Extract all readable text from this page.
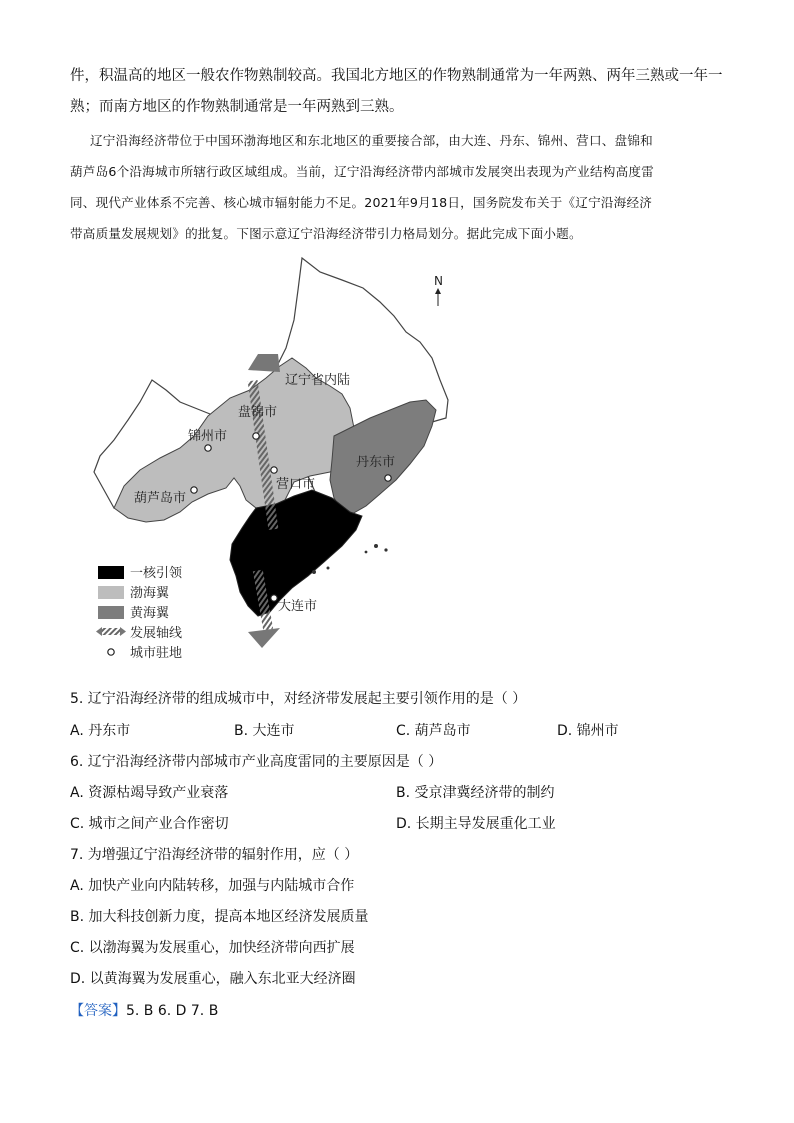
件，积温高的地区一般农作物熟制较高。我国北方地区的作物熟制通常为一年两熟、两年三熟或一年一
熟；而南方地区的作物熟制通常是一年两熟到三熟。
辽宁沿海经济带位于中国环渤海地区和东北地区的重要接合部，由大连、丹东、锦州、营口、盘锦和
葫芦岛6个沿海城市所辖行政区域组成。当前，辽宁沿海经济带内部城市发展突出表现为产业结构高度雷
同、现代产业体系不完善、核心城市辐射能力不足。2021年9月18日，国务院发布关于《辽宁沿海经济
带高质量发展规划》的批复。下图示意辽宁沿海经济带引力格局划分。据此完成下面小题。
N
辽宁省内陆
盘锦市
锦州市
营口市
丹东市
葫芦岛市
大连市
一核引领
渤海翼
黄海翼
发展轴线
城市驻地
5. 辽宁沿海经济带的组成城市中，对经济带发展起主要引领作用的是（ ）
A. 丹东市	B. 大连市	C. 葫芦岛市	D. 锦州市
6. 辽宁沿海经济带内部城市产业高度雷同的主要原因是（ ）
A. 资源枯竭导致产业衰落	B. 受京津冀经济带的制约
C. 城市之间产业合作密切	D. 长期主导发展重化工业
7. 为增强辽宁沿海经济带的辐射作用，应（ ）
A. 加快产业向内陆转移，加强与内陆城市合作
B. 加大科技创新力度，提高本地区经济发展质量
C. 以渤海翼为发展重心，加快经济带向西扩展
D. 以黄海翼为发展重心，融入东北亚大经济圈
【答案】5. B 6. D 7. B
